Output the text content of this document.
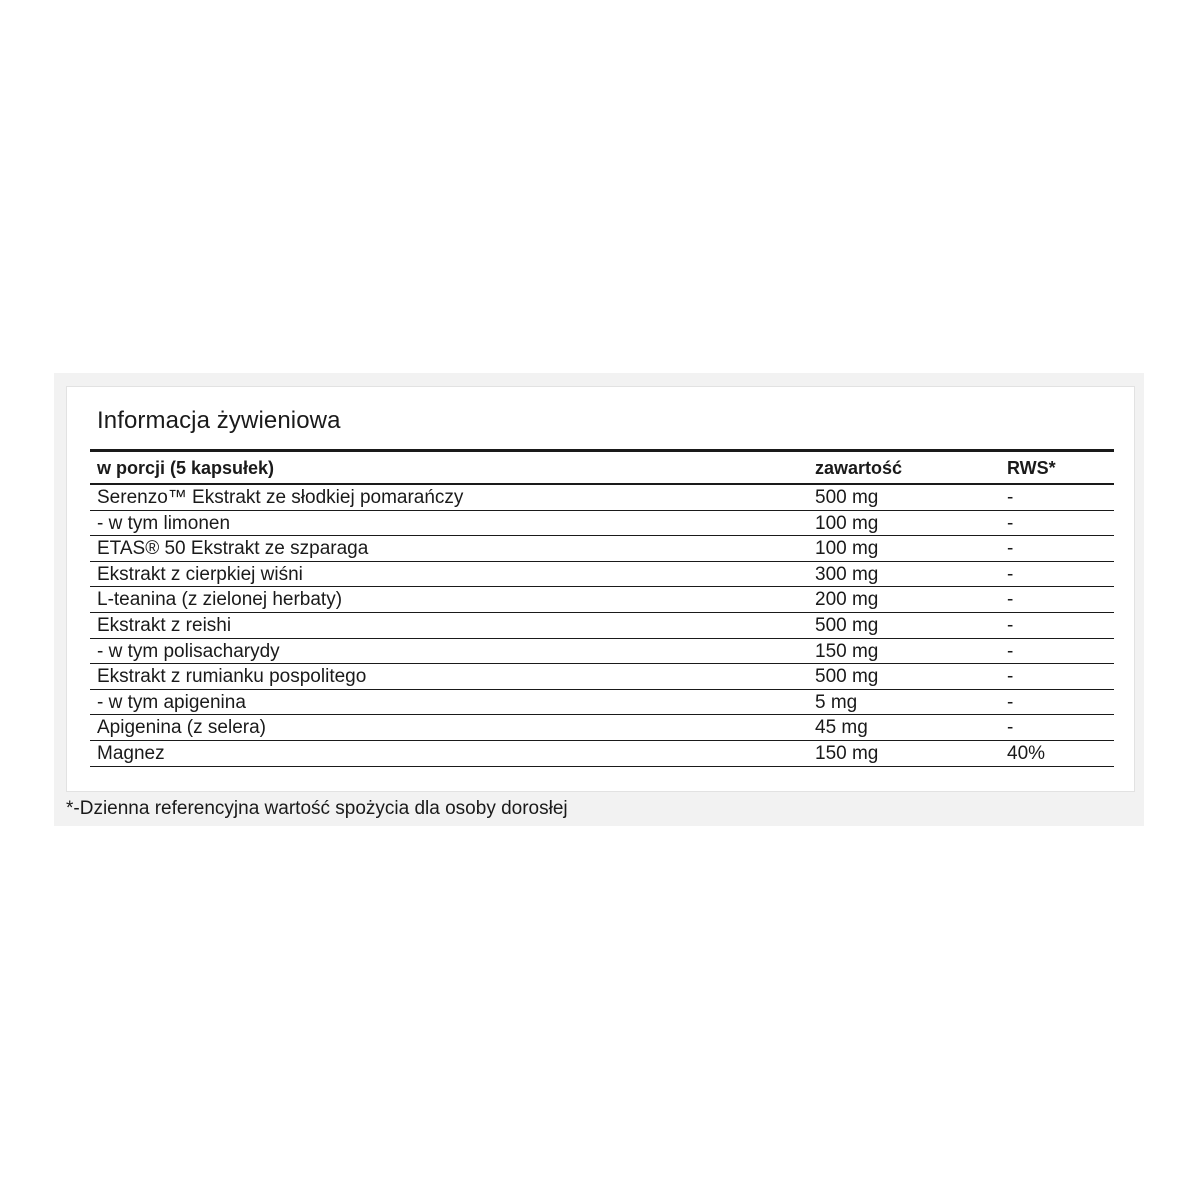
Informacja żywieniowa
w porcji (5 kapsułek)	zawartość	RWS*
Serenzo™ Ekstrakt ze słodkiej pomarańczy	500 mg	-
- w tym limonen	100 mg	-
ETAS® 50 Ekstrakt ze szparaga	100 mg	-
Ekstrakt z cierpkiej wiśni	300 mg	-
L-teanina (z zielonej herbaty)	200 mg	-
Ekstrakt z reishi	500 mg	-
- w tym polisacharydy	150 mg	-
Ekstrakt z rumianku pospolitego	500 mg	-
- w tym apigenina	5 mg	-
Apigenina (z selera)	45 mg	-
Magnez	150 mg	40%
*-Dzienna referencyjna wartość spożycia dla osoby dorosłej
